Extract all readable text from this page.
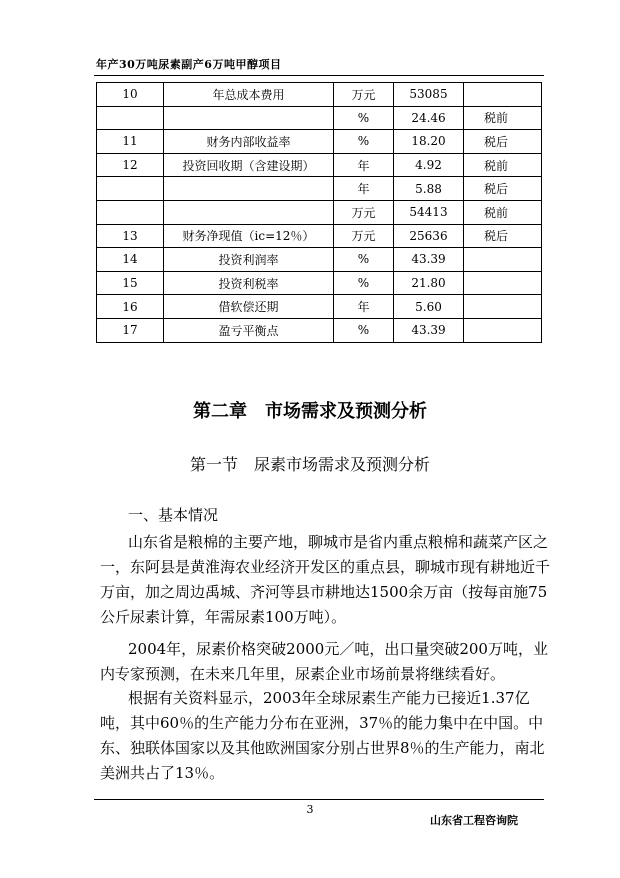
年产30万吨尿素副产6万吨甲醇项目
10	年总成本费用	万元	53085	
		%	24.46	税前
11	财务内部收益率	%	18.20	税后
12	投资回收期（含建设期）	年	4.92	税前
		年	5.88	税后
		万元	54413	税前
13	财务净现值（ic=12％）	万元	25636	税后
14	投资利润率	%	43.39	
15	投资利税率	%	21.80	
16	借软偿还期	年	5.60	
17	盈亏平衡点	%	43.39	
第二章　市场需求及预测分析
第一节　尿素市场需求及预测分析
一、基本情况
山东省是粮棉的主要产地，聊城市是省内重点粮棉和蔬菜产区之一，东阿县是黄淮海农业经济开发区的重点县，聊城市现有耕地近千万亩，加之周边禹城、齐河等县市耕地达1500余万亩（按每亩施75公斤尿素计算，年需尿素100万吨）。
2004年，尿素价格突破2000元／吨，出口量突破200万吨，业内专家预测，在未来几年里，尿素企业市场前景将继续看好。
根据有关资料显示，2003年全球尿素生产能力已接近1.37亿吨，其中60％的生产能力分布在亚洲，37％的能力集中在中国。中东、独联体国家以及其他欧洲国家分别占世界8％的生产能力，南北美洲共占了13％。
3
山东省工程咨询院
